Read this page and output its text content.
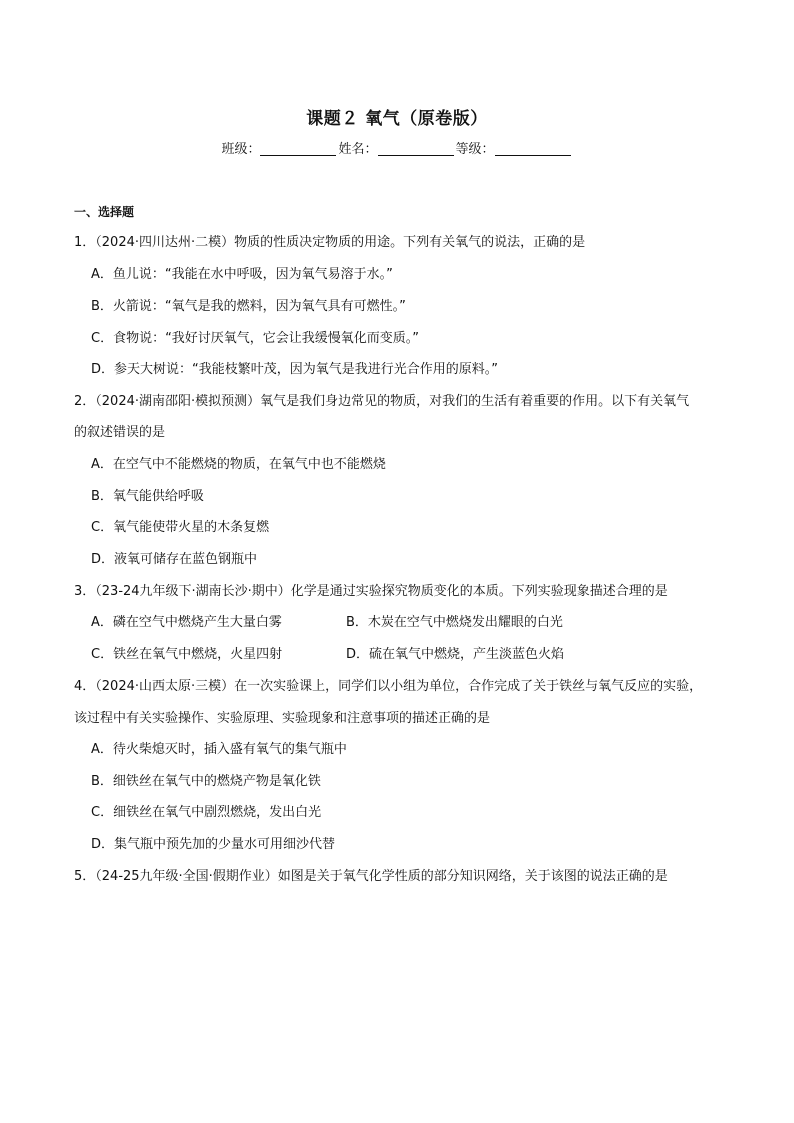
课题２ 氧气（原卷版）
班级：	姓名：	等级：
一、选择题
1．（2024·四川达州·二模）物质的性质决定物质的用途。下列有关氧气的说法，正确的是
A．鱼儿说：“我能在水中呼吸，因为氧气易溶于水。”
B．火箭说：“氧气是我的燃料，因为氧气具有可燃性。”
C．食物说：“我好讨厌氧气，它会让我缓慢氧化而变质。”
D．参天大树说：“我能枝繁叶茂，因为氧气是我进行光合作用的原料。”
2．（2024·湖南邵阳·模拟预测）氧气是我们身边常见的物质，对我们的生活有着重要的作用。以下有关氧气
的叙述错误的是
A．在空气中不能燃烧的物质，在氧气中也不能燃烧
B．氧气能供给呼吸
C．氧气能使带火星的木条复燃
D．液氧可储存在蓝色钢瓶中
3．（23-24九年级下·湖南长沙·期中）化学是通过实验探究物质变化的本质。下列实验现象描述合理的是
A．磷在空气中燃烧产生大量白雾	B．木炭在空气中燃烧发出耀眼的白光
C．铁丝在氧气中燃烧，火星四射	D．硫在氧气中燃烧，产生淡蓝色火焰
4．（2024·山西太原·三模）在一次实验课上，同学们以小组为单位，合作完成了关于铁丝与氧气反应的实验，
该过程中有关实验操作、实验原理、实验现象和注意事项的描述正确的是
A．待火柴熄灭时，插入盛有氧气的集气瓶中
B．细铁丝在氧气中的燃烧产物是氧化铁
C．细铁丝在氧气中剧烈燃烧，发出白光
D．集气瓶中预先加的少量水可用细沙代替
5．（24-25九年级·全国·假期作业）如图是关于氧气化学性质的部分知识网络，关于该图的说法正确的是
